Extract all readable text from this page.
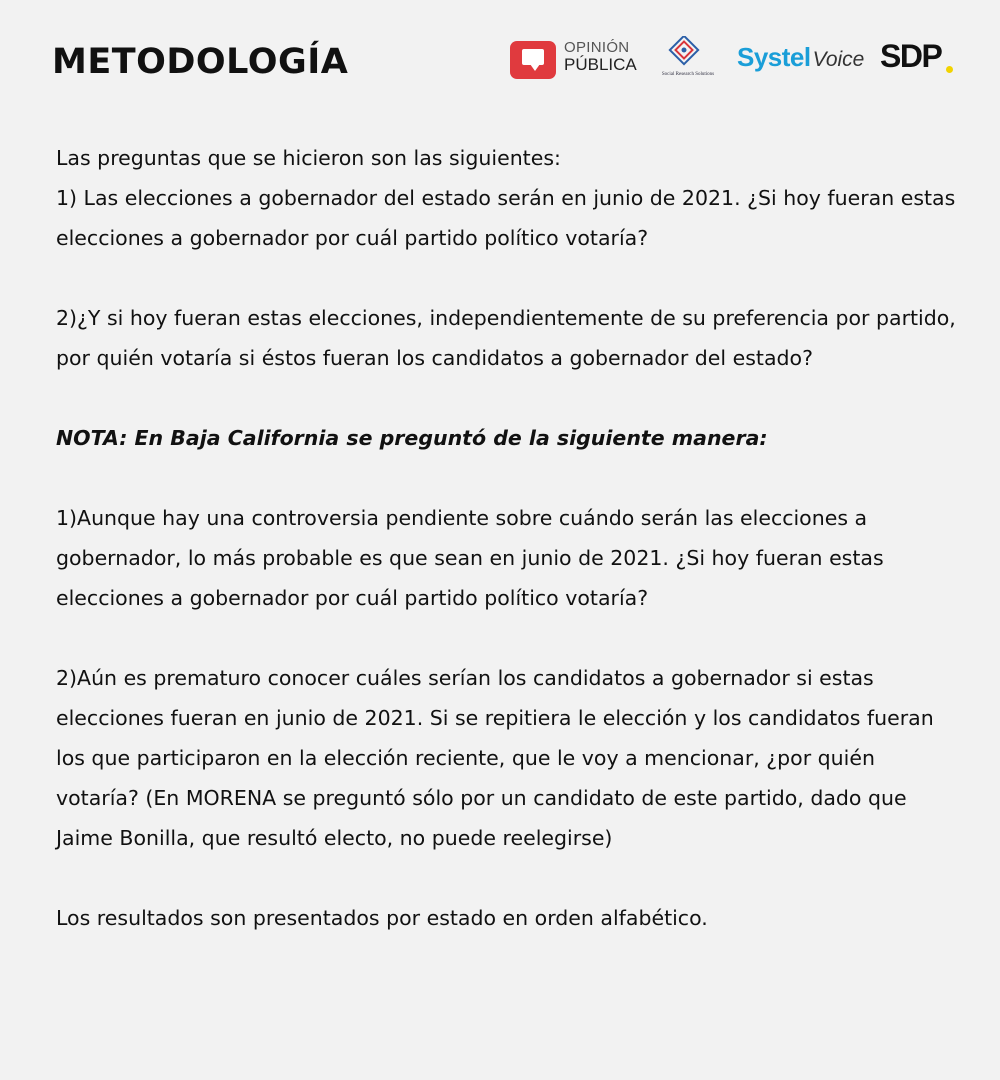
METODOLOGÍA	OPINIÓN
PÚBLICA
Social Research Solutions
SystelVoice SDP

Las preguntas que se hicieron son las siguientes:

1) Las elecciones a gobernador del estado serán en junio de 2021. ¿Si hoy fueran estas elecciones a gobernador por cuál partido político votaría?

2)¿Y si hoy fueran estas elecciones, independientemente de su preferencia por partido, por quién votaría si éstos fueran los candidatos a gobernador del estado?

NOTA: En Baja California se preguntó de la siguiente manera:

1)Aunque hay una controversia pendiente sobre cuándo serán las elecciones a gobernador, lo más probable es que sean en junio de 2021. ¿Si hoy fueran estas elecciones a gobernador por cuál partido político votaría?

2)Aún es prematuro conocer cuáles serían los candidatos a gobernador si estas elecciones fueran en junio de 2021. Si se repitiera le elección y los candidatos fueran los que participaron en la elección reciente, que le voy a mencionar, ¿por quién votaría? (En MORENA se preguntó sólo por un candidato de este partido, dado que Jaime Bonilla, que resultó electo, no puede reelegirse)

Los resultados son presentados por estado en orden alfabético.
